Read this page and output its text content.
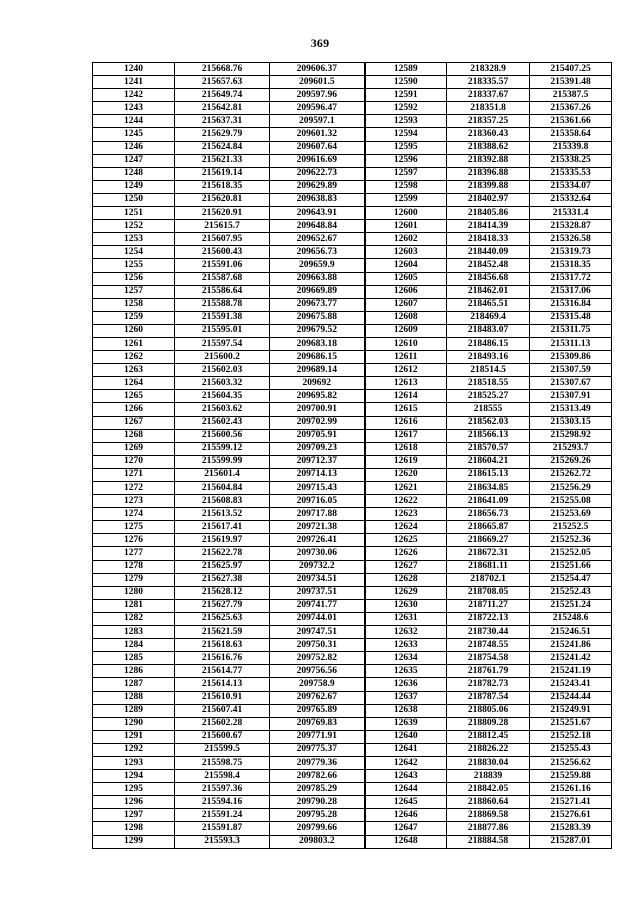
369
1240	215668.76	209606.37	12589	218328.9	215407.25
1241	215657.63	209601.5	12590	218335.57	215391.48
1242	215649.74	209597.96	12591	218337.67	215387.5
1243	215642.81	209596.47	12592	218351.8	215367.26
1244	215637.31	209597.1	12593	218357.25	215361.66
1245	215629.79	209601.32	12594	218360.43	215358.64
1246	215624.84	209607.64	12595	218388.62	215339.8
1247	215621.33	209616.69	12596	218392.88	215338.25
1248	215619.14	209622.73	12597	218396.88	215335.53
1249	215618.35	209629.89	12598	218399.88	215334.07
1250	215620.81	209638.83	12599	218402.97	215332.64
1251	215620.91	209643.91	12600	218405.86	215331.4
1252	215615.7	209648.84	12601	218414.39	215328.87
1253	215607.95	209652.67	12602	218418.33	215326.58
1254	215600.43	209656.73	12603	218440.09	215319.73
1255	215591.06	209659.9	12604	218452.48	215318.35
1256	215587.68	209663.88	12605	218456.68	215317.72
1257	215586.64	209669.89	12606	218462.01	215317.06
1258	215588.78	209673.77	12607	218465.51	215316.84
1259	215591.38	209675.88	12608	218469.4	215315.48
1260	215595.01	209679.52	12609	218483.07	215311.75
1261	215597.54	209683.18	12610	218486.15	215311.13
1262	215600.2	209686.15	12611	218493.16	215309.86
1263	215602.03	209689.14	12612	218514.5	215307.59
1264	215603.32	209692	12613	218518.55	215307.67
1265	215604.35	209695.82	12614	218525.27	215307.91
1266	215603.62	209700.91	12615	218555	215313.49
1267	215602.43	209702.99	12616	218562.03	215303.15
1268	215600.56	209705.91	12617	218566.13	215298.92
1269	215599.12	209709.23	12618	218570.57	215293.7
1270	215599.99	209712.37	12619	218604.21	215269.26
1271	215601.4	209714.13	12620	218615.13	215262.72
1272	215604.84	209715.43	12621	218634.85	215256.29
1273	215608.83	209716.05	12622	218641.09	215255.08
1274	215613.52	209717.88	12623	218656.73	215253.69
1275	215617.41	209721.38	12624	218665.87	215252.5
1276	215619.97	209726.41	12625	218669.27	215252.36
1277	215622.78	209730.06	12626	218672.31	215252.05
1278	215625.97	209732.2	12627	218681.11	215251.66
1279	215627.38	209734.51	12628	218702.1	215254.47
1280	215628.12	209737.51	12629	218708.05	215252.43
1281	215627.79	209741.77	12630	218711.27	215251.24
1282	215625.63	209744.01	12631	218722.13	215248.6
1283	215621.59	209747.51	12632	218730.44	215246.51
1284	215618.63	209750.31	12633	218748.55	215241.86
1285	215616.76	209752.82	12634	218754.58	215241.42
1286	215614.77	209756.56	12635	218761.79	215241.19
1287	215614.13	209758.9	12636	218782.73	215243.41
1288	215610.91	209762.67	12637	218787.54	215244.44
1289	215607.41	209765.89	12638	218805.06	215249.91
1290	215602.28	209769.83	12639	218809.28	215251.67
1291	215600.67	209771.91	12640	218812.45	215252.18
1292	215599.5	209775.37	12641	218826.22	215255.43
1293	215598.75	209779.36	12642	218830.04	215256.62
1294	215598.4	209782.66	12643	218839	215259.88
1295	215597.36	209785.29	12644	218842.05	215261.16
1296	215594.16	209790.28	12645	218860.64	215271.41
1297	215591.24	209795.28	12646	218869.58	215276.61
1298	215591.87	209799.66	12647	218877.86	215283.39
1299	215593.3	209803.2	12648	218884.58	215287.01
